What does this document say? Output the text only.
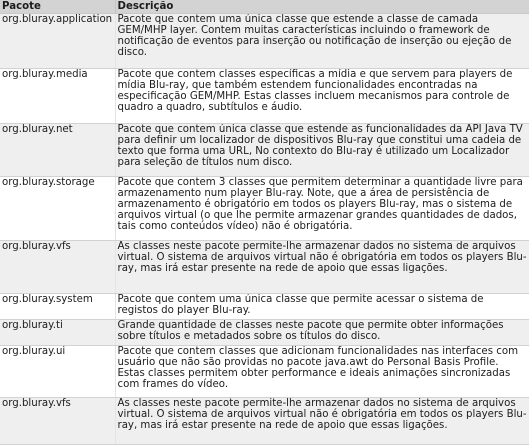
Pacote	Descrição
org.bluray.application	Pacote que contem uma única classe que estende a classe de camada GEM/MHP layer. Contem muitas características incluindo o framework de notificação de eventos para inserção ou notificação de inserção ou ejeção de disco.
org.bluray.media	Pacote que contem classes específicas a mídia e que servem para players de mídia Blu-ray, que também estendem funcionalidades encontradas na especificação GEM/MHP. Estas classes incluem mecanismos para controle de quadro a quadro, subtítulos e áudio.
org.bluray.net	Pacote que contem única classe que estende as funcionalidades da API Java TV para definir um localizador de dispositivos Blu-ray que constitui uma cadeia de texto que forma uma URL, No contexto do Blu-ray é utilizado um Localizador para seleção de títulos num disco.
org.bluray.storage	Pacote que contem 3 classes que permitem determinar a quantidade livre para armazenamento num player Blu-ray. Note, que a área de persistência de armazenamento é obrigatório em todos os players Blu-ray, mas o sistema de arquivos virtual (o que lhe permite armazenar grandes quantidades de dados, tais como conteúdos vídeo) não é obrigatória.
org.bluray.vfs	As classes neste pacote permite-lhe armazenar dados no sistema de arquivos virtual. O sistema de arquivos virtual não é obrigatória em todos os players Blu-ray, mas irá estar presente na rede de apoio que essas ligações.
org.bluray.system	Pacote que contem uma única classe que permite acessar o sistema de registos do player Blu-ray.
org.bluray.ti	Grande quantidade de classes neste pacote que permite obter informações sobre títulos e metadados sobre os títulos do disco.
org.bluray.ui	Pacote que contem classes que adicionam funcionalidades nas interfaces com usuário que não são providas no pacote java.awt do Personal Basis Profile. Estas classes permitem obter performance e ideais animações sincronizadas com frames do vídeo.
org.bluray.vfs	As classes neste pacote permite-lhe armazenar dados no sistema de arquivos virtual. O sistema de arquivos virtual não é obrigatória em todos os players Blu-ray, mas irá estar presente na rede de apoio que essas ligações.
